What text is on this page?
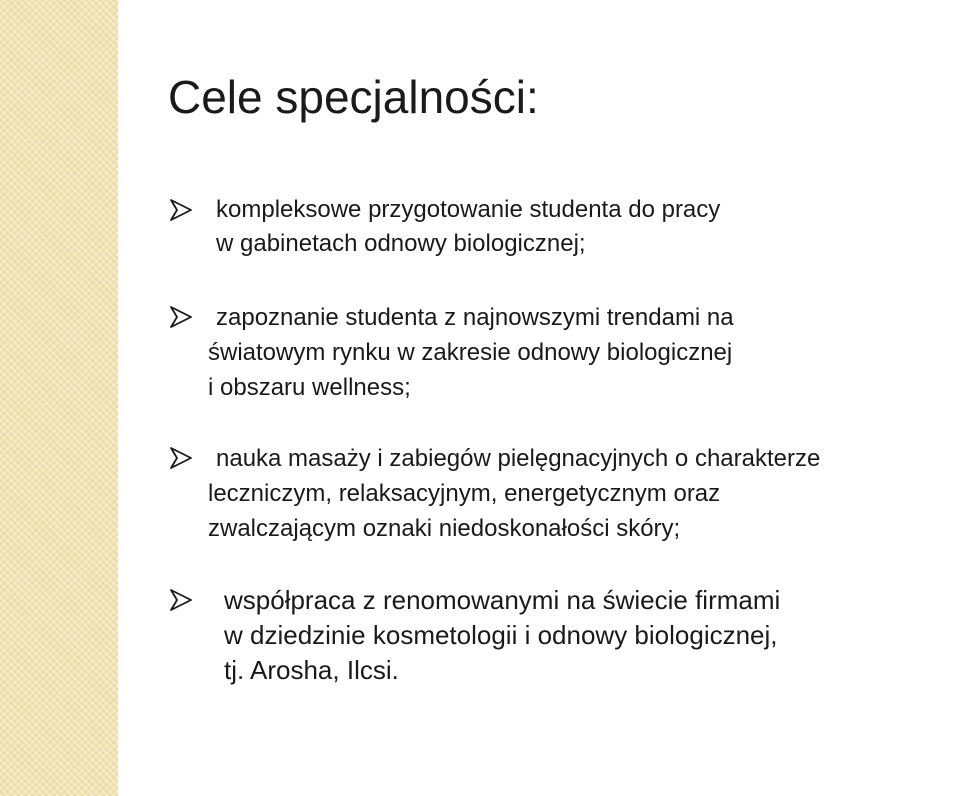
Cele specjalności:
kompleksowe przygotowanie studenta do pracy
w gabinetach odnowy biologicznej;
zapoznanie studenta z najnowszymi trendami na
światowym rynku w zakresie odnowy biologicznej
i obszaru wellness;
nauka masaży i zabiegów pielęgnacyjnych o charakterze
leczniczym, relaksacyjnym, energetycznym oraz
zwalczającym oznaki niedoskonałości skóry;
współpraca z renomowanymi na świecie firmami
w dziedzinie kosmetologii i odnowy biologicznej,
tj. Arosha, Ilcsi.
